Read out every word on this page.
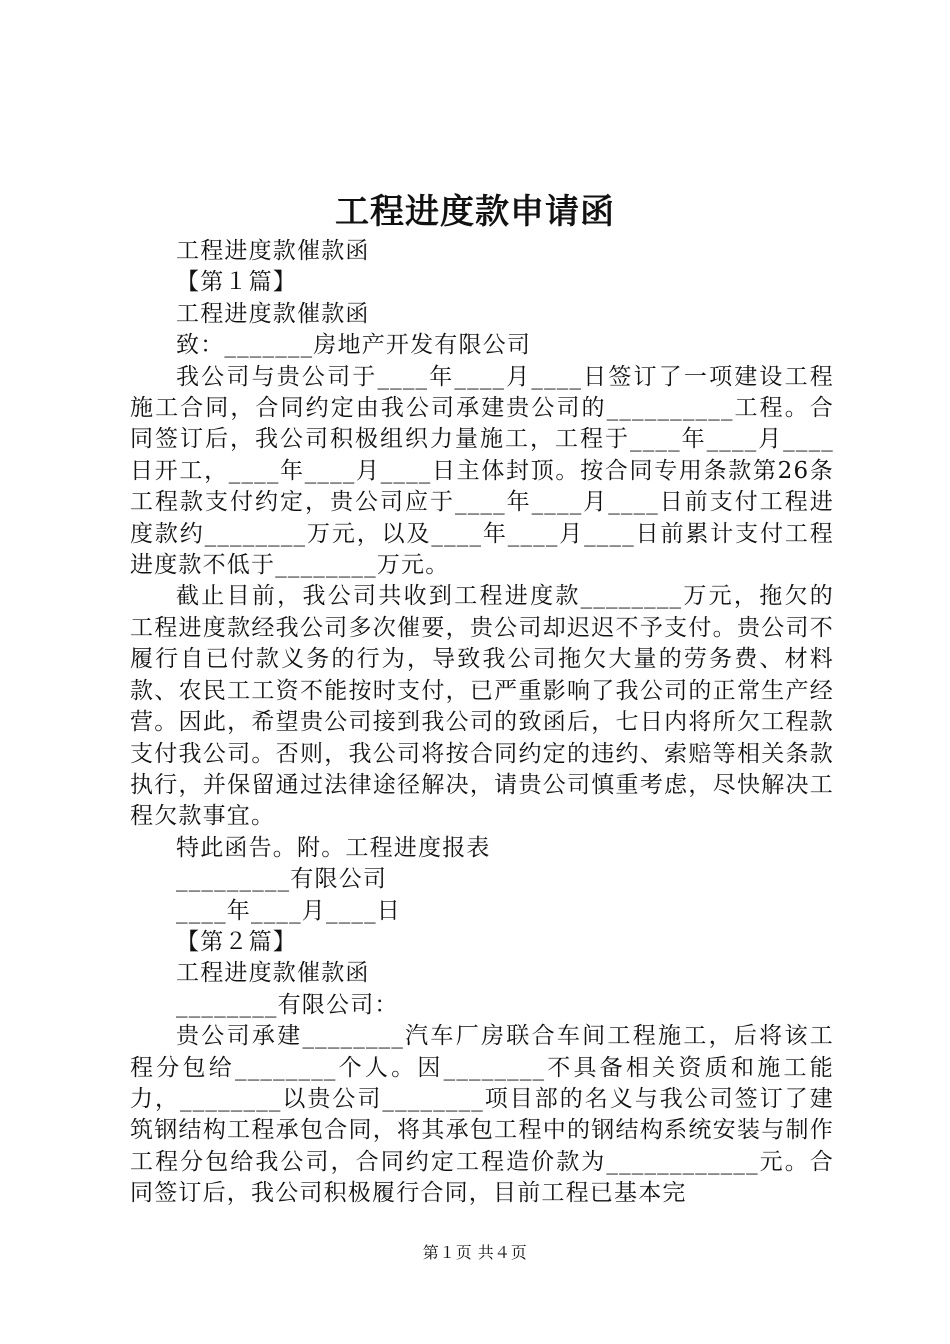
工程进度款申请函

工程进度款催款函

【第１篇】

工程进度款催款函

致：_______房地产开发有限公司

我公司与贵公司于____年____月____日签订了一项建设工程施工合同，合同约定由我公司承建贵公司的__________工程。合同签订后，我公司积极组织力量施工，工程于____年____月____日开工，____年____月____日主体封顶。按合同专用条款第26条工程款支付约定，贵公司应于____年____月____日前支付工程进度款约________万元，以及____年____月____日前累计支付工程进度款不低于________万元。

截止目前，我公司共收到工程进度款________万元，拖欠的工程进度款经我公司多次催要，贵公司却迟迟不予支付。贵公司不履行自已付款义务的行为，导致我公司拖欠大量的劳务费、材料款、农民工工资不能按时支付，已严重影响了我公司的正常生产经营。因此，希望贵公司接到我公司的致函后，七日内将所欠工程款支付我公司。否则，我公司将按合同约定的违约、索赔等相关条款执行，并保留通过法律途径解决，请贵公司慎重考虑，尽快解决工程欠款事宜。

特此函告。附。工程进度报表

_________有限公司

____年____月____日

【第２篇】

工程进度款催款函

________有限公司：

贵公司承建________汽车厂房联合车间工程施工，后将该工程分包给________个人。因________不具备相关资质和施工能力，________以贵公司________项目部的名义与我公司签订了建筑钢结构工程承包合同，将其承包工程中的钢结构系统安装与制作工程分包给我公司，合同约定工程造价款为____________元。合同签订后，我公司积极履行合同，目前工程已基本完

第１页 共４页
